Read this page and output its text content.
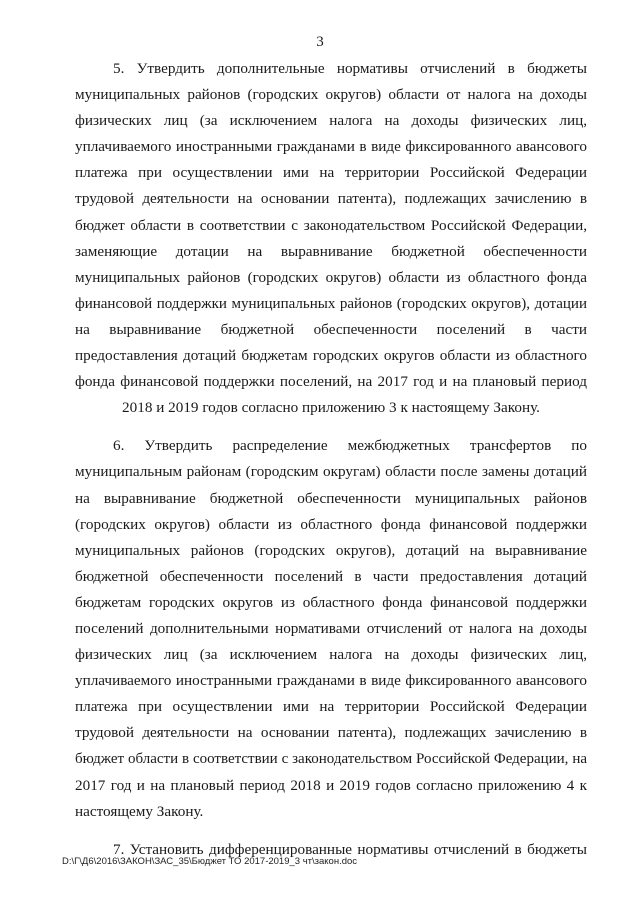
3
5. Утвердить дополнительные нормативы отчислений в бюджеты
муниципальных районов (городских округов) области от налога на доходы
физических лиц (за исключением налога на доходы физических лиц,
уплачиваемого иностранными гражданами в виде фиксированного авансового
платежа при осуществлении ими на территории Российской Федерации
трудовой деятельности на основании патента), подлежащих зачислению в
бюджет области в соответствии с законодательством Российской Федерации,
заменяющие дотации на выравнивание бюджетной обеспеченности
муниципальных районов (городских округов) области из областного фонда
финансовой поддержки муниципальных районов (городских округов), дотации
на выравнивание бюджетной обеспеченности поселений в части
предоставления дотаций бюджетам городских округов области из областного
фонда финансовой поддержки поселений, на 2017 год и на плановый период
2018 и 2019 годов согласно приложению 3 к настоящему Закону.
6. Утвердить распределение межбюджетных трансфертов по
муниципальным районам (городским округам) области после замены дотаций
на выравнивание бюджетной обеспеченности муниципальных районов
(городских округов) области из областного фонда финансовой поддержки
муниципальных районов (городских округов), дотаций на выравнивание
бюджетной обеспеченности поселений в части предоставления дотаций
бюджетам городских округов из областного фонда финансовой поддержки
поселений дополнительными нормативами отчислений от налога на доходы
физических лиц (за исключением налога на доходы физических лиц,
уплачиваемого иностранными гражданами в виде фиксированного авансового
платежа при осуществлении ими на территории Российской Федерации
трудовой деятельности на основании патента), подлежащих зачислению в
бюджет области в соответствии с законодательством Российской Федерации, на
2017 год и на плановый период 2018 и 2019 годов согласно приложению 4 к
настоящему Закону.
7. Установить дифференцированные нормативы отчислений в бюджеты
D:\Г\Д6\2016\ЗАКОН\ЗАС_35\Бюджет ТО 2017-2019_3 чт\закон.doc
